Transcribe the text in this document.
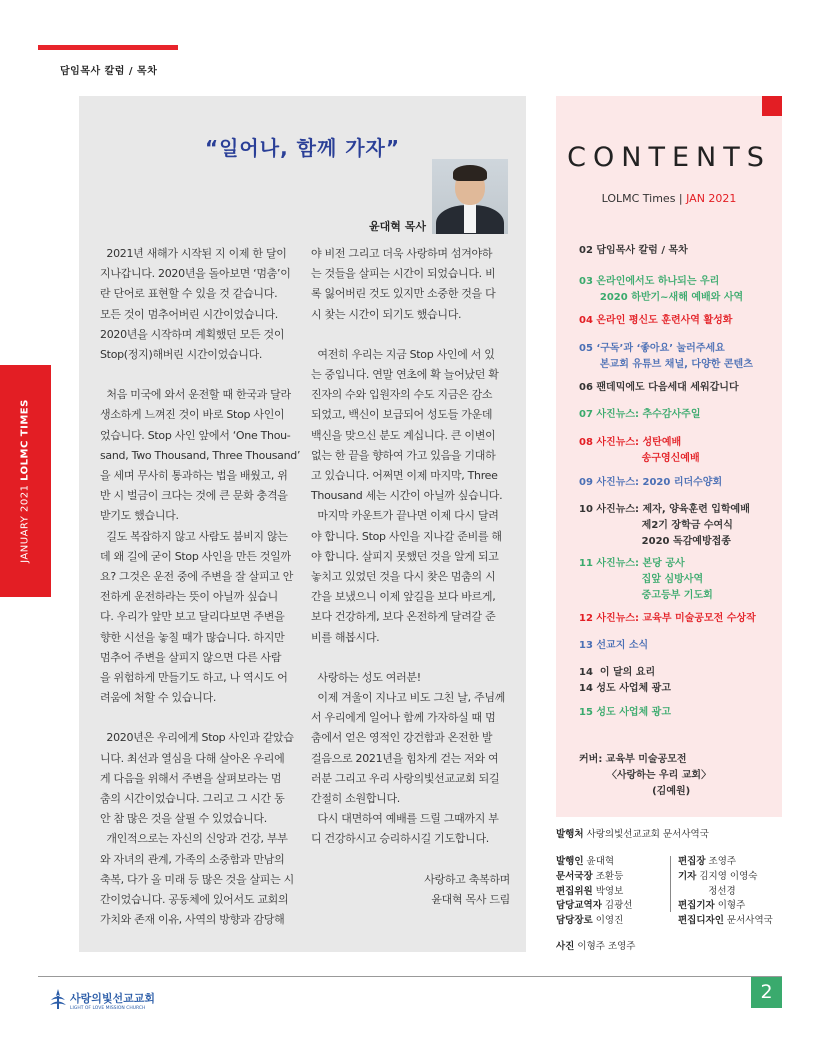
담임목사 칼럼 / 목차
JANUARY 2021 LOLMC TIMES
“일어나, 함께 가자”
윤대혁 목사

2021년 새해가 시작된 지 이제 한 달이

지나갑니다. 2020년을 돌아보면 ‘멈춤’이

란 단어로 표현할 수 있을 것 같습니다.

모든 것이 멈추어버린 시간이었습니다.

2020년을 시작하며 계획했던 모든 것이

Stop(정지)해버린 시간이었습니다.

처음 미국에 와서 운전할 때 한국과 달라

생소하게 느껴진 것이 바로 Stop 사인이

었습니다. Stop 사인 앞에서 ‘One Thou-

sand, Two Thousand, Three Thousand’

을 세며 무사히 통과하는 법을 배웠고, 위

반 시 벌금이 크다는 것에 큰 문화 충격을

받기도 했습니다.

길도 복잡하지 않고 사람도 붐비지 않는

데 왜 길에 굳이 Stop 사인을 만든 것일까

요? 그것은 운전 중에 주변을 잘 살피고 안

전하게 운전하라는 뜻이 아닐까 싶습니

다. 우리가 앞만 보고 달리다보면 주변을

향한 시선을 놓칠 때가 많습니다. 하지만

멈추어 주변을 살피지 않으면 다른 사람

을 위험하게 만들기도 하고, 나 역시도 어

려움에 처할 수 있습니다.

2020년은 우리에게 Stop 사인과 같았습

니다. 최선과 열심을 다해 살아온 우리에

게 다음을 위해서 주변을 살펴보라는 멈

춤의 시간이었습니다. 그리고 그 시간 동

안 참 많은 것을 살필 수 있었습니다.

개인적으로는 자신의 신앙과 건강, 부부

와 자녀의 관계, 가족의 소중함과 만남의

축복, 다가 올 미래 등 많은 것을 살피는 시

간이었습니다. 공동체에 있어서도 교회의

가치와 존재 이유, 사역의 방향과 감당해

야 비전 그리고 더욱 사랑하며 섬겨야하

는 것들을 살피는 시간이 되었습니다. 비

록 잃어버린 것도 있지만 소중한 것을 다

시 찾는 시간이 되기도 했습니다.

여전히 우리는 지금 Stop 사인에 서 있

는 중입니다. 연말 연초에 확 늘어났던 확

진자의 수와 입원자의 수도 지금은 감소

되었고, 백신이 보급되어 성도들 가운데

백신을 맞으신 분도 계십니다. 큰 이변이

없는 한 끝을 향하여 가고 있음을 기대하

고 있습니다. 어쩌면 이제 마지막, Three

Thousand 세는 시간이 아닐까 싶습니다.

마지막 카운트가 끝나면 이제 다시 달려

야 합니다. Stop 사인을 지나갈 준비를 해

야 합니다. 살피지 못했던 것을 알게 되고

놓치고 있었던 것을 다시 찾은 멈춤의 시

간을 보냈으니 이제 앞길을 보다 바르게,

보다 건강하게, 보다 온전하게 달려갈 준

비를 해봅시다.

사랑하는 성도 여러분!

이제 겨울이 지나고 비도 그친 날, 주님께

서 우리에게 일어나 함께 가자하실 때 멈

춤에서 얻은 영적인 강건함과 온전한 발

걸음으로 2021년을 힘차게 걷는 저와 여

러분 그리고 우리 사랑의빛선교교회 되길

간절히 소원합니다.

다시 대면하여 예배를 드릴 그때까지 부

디 건강하시고 승리하시길 기도합니다.

사랑하고 축복하며

윤대혁 목사 드림

CONTENTS
LOLMC Times | JAN 2021
02 담임목사 칼럼 / 목차
03 온라인에서도 하나되는 우리
2020 하반기~새해 예배와 사역
04 온라인 평신도 훈련사역 활성화
05 ‘구독’과 ‘좋아요’ 눌러주세요
본교회 유튜브 채널, 다양한 콘텐츠
06 팬데믹에도 다음세대 세워갑니다
07 사진뉴스: 추수감사주일
08 사진뉴스: 성탄예배
송구영신예배
09 사진뉴스: 2020 리더수양회
10 사진뉴스: 제자, 양육훈련 입학예배
제2기 장학금 수여식
2020 독감예방접종
11 사진뉴스: 본당 공사
집앞 심방사역
중고등부 기도회
12 사진뉴스: 교육부 미술공모전 수상작
13 선교지 소식
14  이 달의 요리
14 성도 사업체 광고
15 성도 사업체 광고
커버: 교육부 미술공모전
〈사랑하는 우리 교회〉
(김예원)
발행처 사랑의빛선교교회 문서사역국
발행인 윤대혁
문서국장 조환등
편집위원 박영보
담당교역자 김광선
담당장로 이영진
편집장 조영주
기자 김지영 이영숙
정선경
편집기자 이형주
편집디자인 문서사역국
사진 이형주 조영주
사랑의빛선교교회
LIGHT OF LOVE MISSION CHURCH
2
